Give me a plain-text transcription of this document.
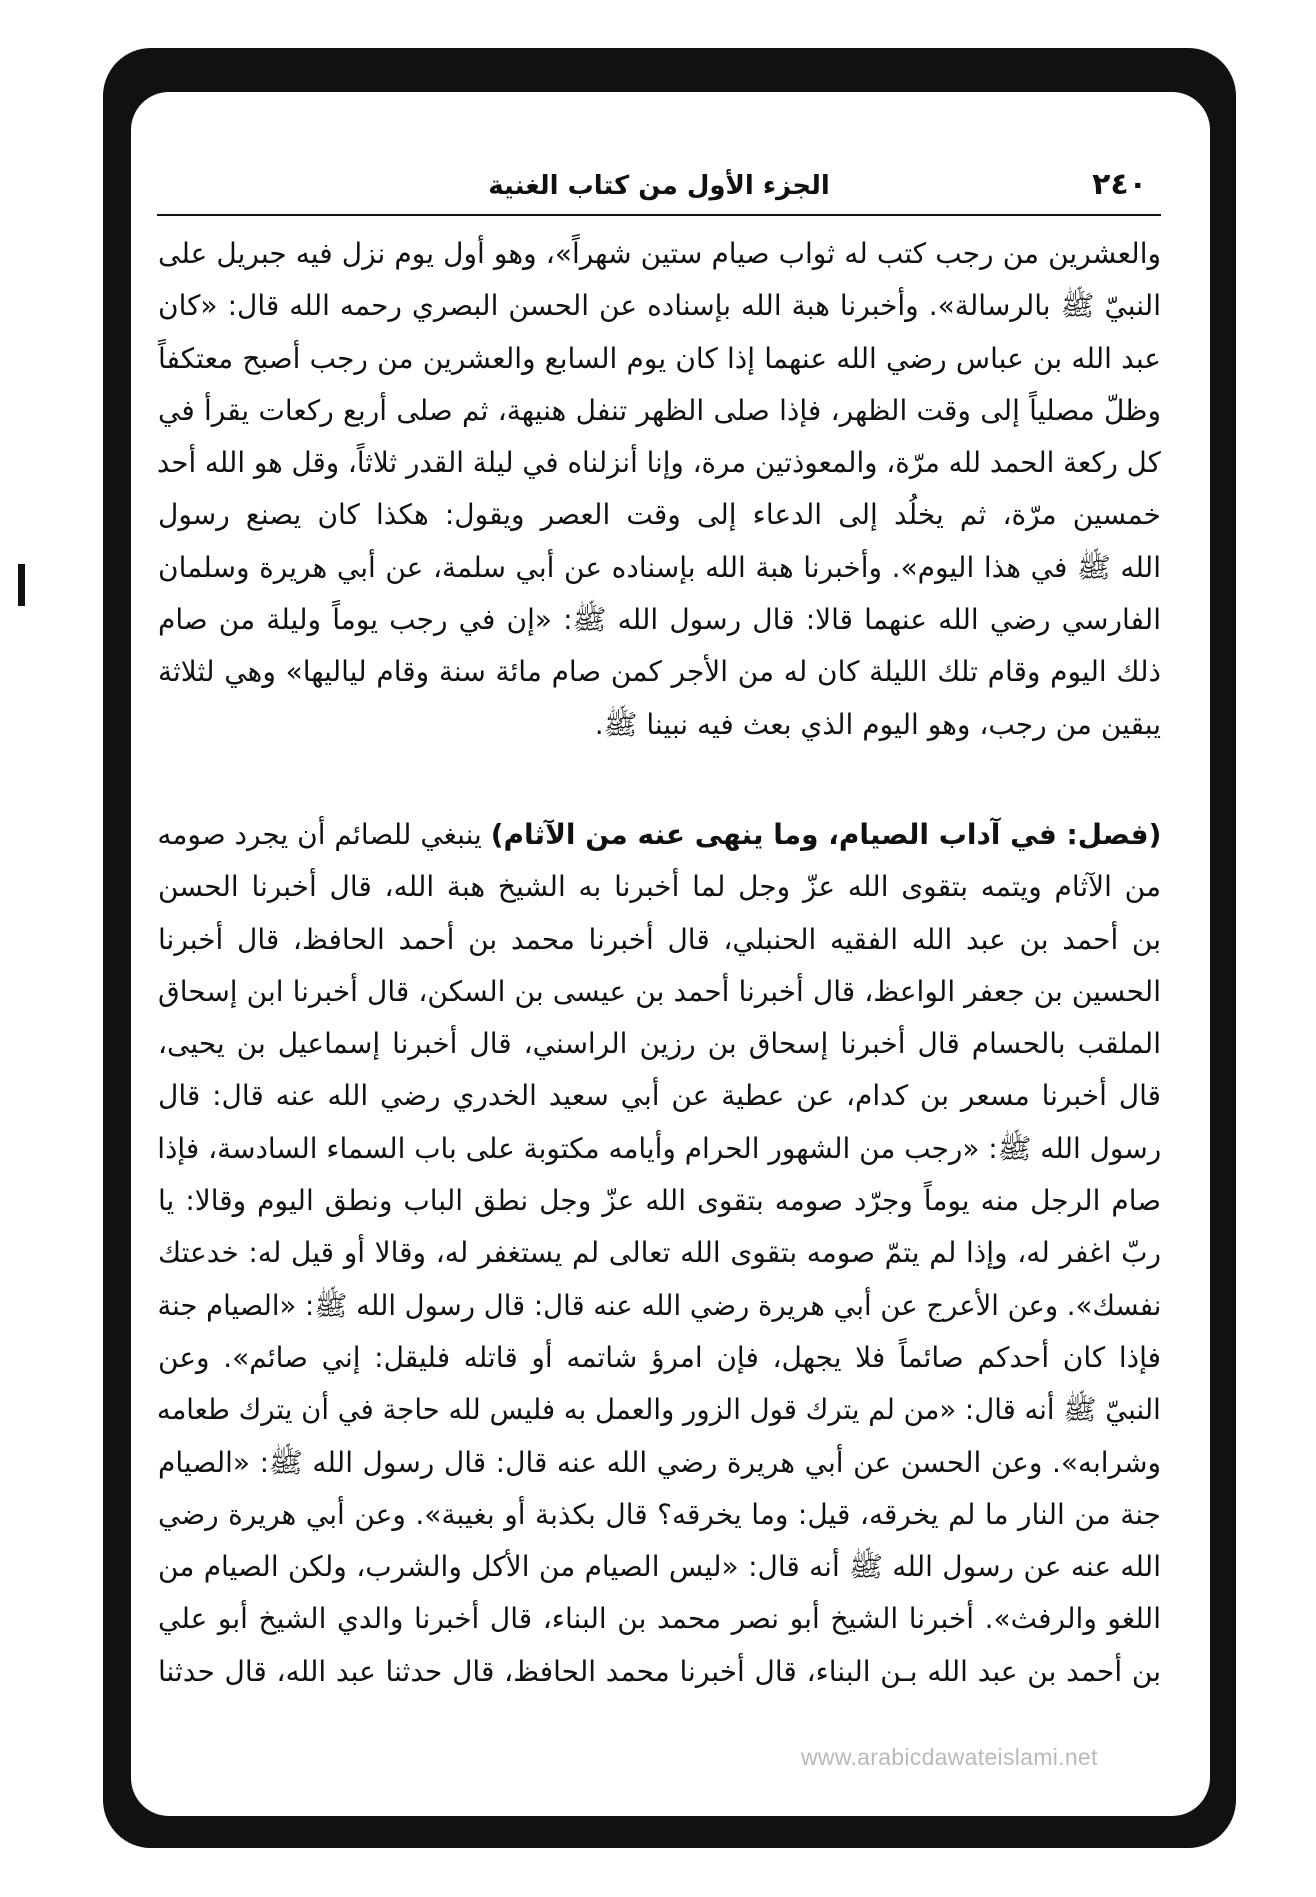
الجزء الأول من كتاب الغنية	٢٤٠
والعشرين من رجب كتب له ثواب صيام ستين شهراً»، وهو أول يوم نزل فيه جبريل على
النبيّ ﷺ بالرسالة». وأخبرنا هبة الله بإسناده عن الحسن البصري رحمه الله قال: «كان
عبد الله بن عباس رضي الله عنهما إذا كان يوم السابع والعشرين من رجب أصبح معتكفاً
وظلّ مصلياً إلى وقت الظهر، فإذا صلى الظهر تنفل هنيهة، ثم صلى أربع ركعات يقرأ في
كل ركعة الحمد لله مرّة، والمعوذتين مرة، وإنا أنزلناه في ليلة القدر ثلاثاً، وقل هو الله أحد
خمسين مرّة، ثم يخلُد إلى الدعاء إلى وقت العصر ويقول: هكذا كان يصنع رسول
الله ﷺ في هذا اليوم». وأخبرنا هبة الله بإسناده عن أبي سلمة، عن أبي هريرة وسلمان
الفارسي رضي الله عنهما قالا: قال رسول الله ﷺ: «إن في رجب يوماً وليلة من صام
ذلك اليوم وقام تلك الليلة كان له من الأجر كمن صام مائة سنة وقام لياليها» وهي لثلاثة
يبقين من رجب، وهو اليوم الذي بعث فيه نبينا ﷺ.
(فصل: في آداب الصيام، وما ينهى عنه من الآثام) ينبغي للصائم أن يجرد صومه
من الآثام ويتمه بتقوى الله عزّ وجل لما أخبرنا به الشيخ هبة الله، قال أخبرنا الحسن
بن أحمد بن عبد الله الفقيه الحنبلي، قال أخبرنا محمد بن أحمد الحافظ، قال أخبرنا
الحسين بن جعفر الواعظ، قال أخبرنا أحمد بن عيسى بن السكن، قال أخبرنا ابن إسحاق
الملقب بالحسام قال أخبرنا إسحاق بن رزين الراسني، قال أخبرنا إسماعيل بن يحيى،
قال أخبرنا مسعر بن كدام، عن عطية عن أبي سعيد الخدري رضي الله عنه قال: قال
رسول الله ﷺ: «رجب من الشهور الحرام وأيامه مكتوبة على باب السماء السادسة، فإذا
صام الرجل منه يوماً وجرّد صومه بتقوى الله عزّ وجل نطق الباب ونطق اليوم وقالا: يا
ربّ اغفر له، وإذا لم يتمّ صومه بتقوى الله تعالى لم يستغفر له، وقالا أو قيل له: خدعتك
نفسك». وعن الأعرج عن أبي هريرة رضي الله عنه قال: قال رسول الله ﷺ: «الصيام جنة
فإذا كان أحدكم صائماً فلا يجهل، فإن امرؤ شاتمه أو قاتله فليقل: إني صائم». وعن
النبيّ ﷺ أنه قال: «من لم يترك قول الزور والعمل به فليس لله حاجة في أن يترك طعامه
وشرابه». وعن الحسن عن أبي هريرة رضي الله عنه قال: قال رسول الله ﷺ: «الصيام
جنة من النار ما لم يخرقه، قيل: وما يخرقه؟ قال بكذبة أو بغيبة». وعن أبي هريرة رضي
الله عنه عن رسول الله ﷺ أنه قال: «ليس الصيام من الأكل والشرب، ولكن الصيام من
اللغو والرفث». أخبرنا الشيخ أبو نصر محمد بن البناء، قال أخبرنا والدي الشيخ أبو علي
بن أحمد بن عبد الله بـن البناء، قال أخبرنا محمد الحافظ، قال حدثنا عبد الله، قال حدثنا
www.arabicdawateislami.net
